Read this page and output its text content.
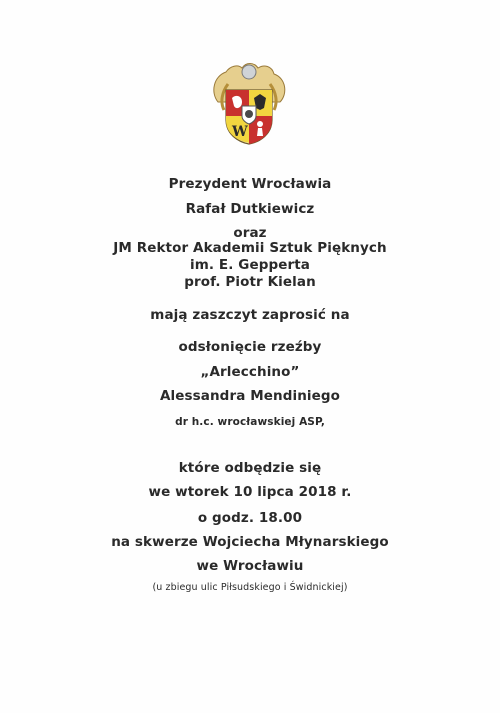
W
Prezydent Wrocławia
Rafał Dutkiewicz
oraz
JM Rektor Akademii Sztuk Pięknych
im. E. Gepperta
prof. Piotr Kielan
mają zaszczyt zaprosić na
odsłonięcie rzeźby
„Arlecchino”
Alessandra Mendiniego
dr h.c. wrocławskiej ASP,
które odbędzie się
we wtorek 10 lipca 2018 r.
o godz. 18.00
na skwerze Wojciecha Młynarskiego
we Wrocławiu
(u zbiegu ulic Piłsudskiego i Świdnickiej)
